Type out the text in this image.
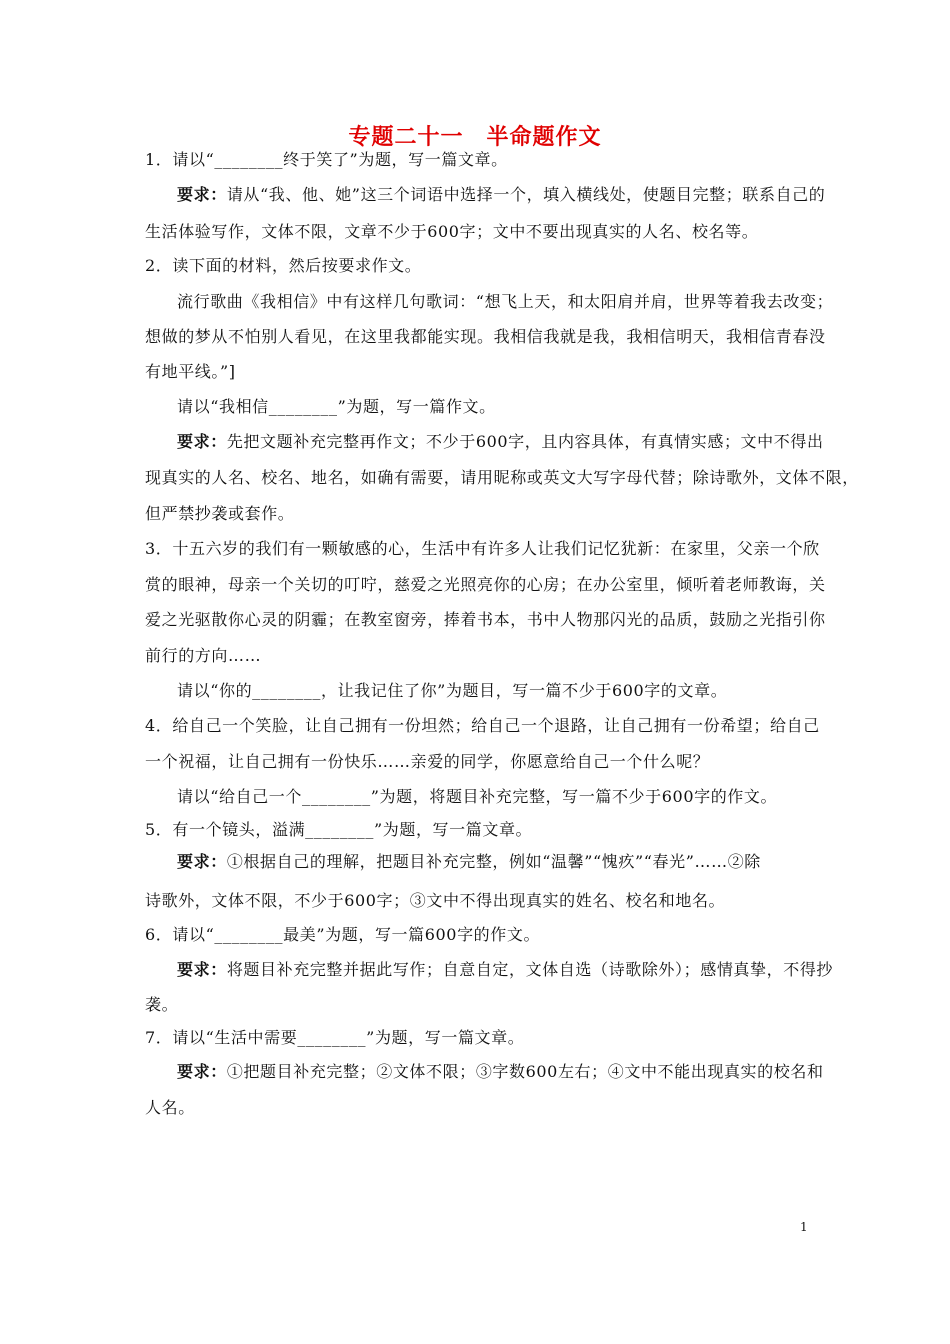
专题二十一　半命题作文
1．请以“________终于笑了”为题，写一篇文章。
要求：请从“我、他、她”这三个词语中选择一个，填入横线处，使题目完整；联系自己的
生活体验写作，文体不限，文章不少于600字；文中不要出现真实的人名、校名等。
2．读下面的材料，然后按要求作文。
流行歌曲《我相信》中有这样几句歌词：“想飞上天，和太阳肩并肩，世界等着我去改变；
想做的梦从不怕别人看见，在这里我都能实现。我相信我就是我，我相信明天，我相信青春没
有地平线。”]
请以“我相信________”为题，写一篇作文。
要求：先把文题补充完整再作文；不少于600字，且内容具体，有真情实感；文中不得出
现真实的人名、校名、地名，如确有需要，请用昵称或英文大写字母代替；除诗歌外，文体不限，
但严禁抄袭或套作。
3．十五六岁的我们有一颗敏感的心，生活中有许多人让我们记忆犹新：在家里，父亲一个欣
赏的眼神，母亲一个关切的叮咛，慈爱之光照亮你的心房；在办公室里，倾听着老师教诲，关
爱之光驱散你心灵的阴霾；在教室窗旁，捧着书本，书中人物那闪光的品质，鼓励之光指引你
前行的方向……
请以“你的________，让我记住了你”为题目，写一篇不少于600字的文章。
4．给自己一个笑脸，让自己拥有一份坦然；给自己一个退路，让自己拥有一份希望；给自己
一个祝福，让自己拥有一份快乐……亲爱的同学，你愿意给自己一个什么呢？
请以“给自己一个________”为题，将题目补充完整，写一篇不少于600字的作文。
5．有一个镜头，溢满________”为题，写一篇文章。
要求：①根据自己的理解，把题目补充完整，例如“温馨”“愧疚”“春光”……②除
诗歌外，文体不限，不少于600字；③文中不得出现真实的姓名、校名和地名。
6．请以“________最美”为题，写一篇600字的作文。
要求：将题目补充完整并据此写作；自意自定，文体自选（诗歌除外）；感情真挚，不得抄
袭。
7．请以“生活中需要________”为题，写一篇文章。
要求：①把题目补充完整；②文体不限；③字数600左右；④文中不能出现真实的校名和
人名。
1
